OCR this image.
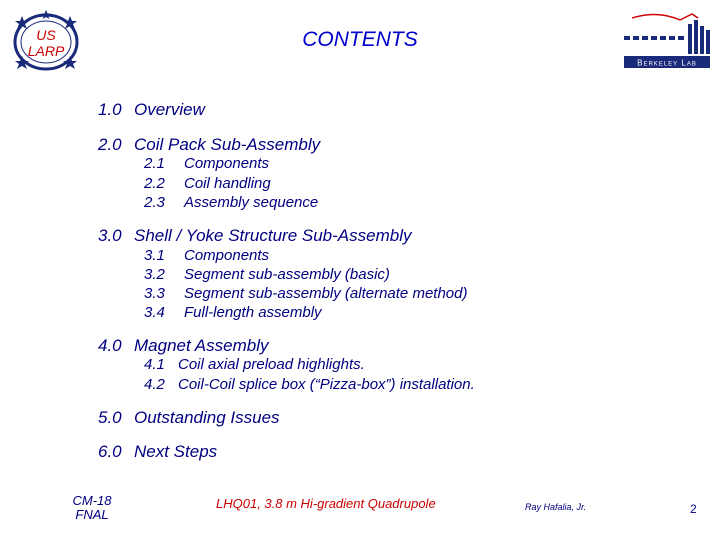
US
LARP	CONTENTS
Berkeley Lab
1.0 Overview
2.0 Coil Pack Sub-Assembly
2.1 Components
2.2 Coil handling
2.3 Assembly sequence
3.0 Shell / Yoke Structure Sub-Assembly
3.1 Components
3.2 Segment sub-assembly (basic)
3.3 Segment sub-assembly (alternate method)
3.4 Full-length assembly
4.0 Magnet Assembly
4.1 Coil axial preload highlights.
4.2 Coil-Coil splice box (“Pizza-box”) installation.
5.0 Outstanding Issues
6.0 Next Steps
CM-18
FNAL
LHQ01, 3.8 m Hi-gradient Quadrupole	Ray Hafalia, Jr.	2
